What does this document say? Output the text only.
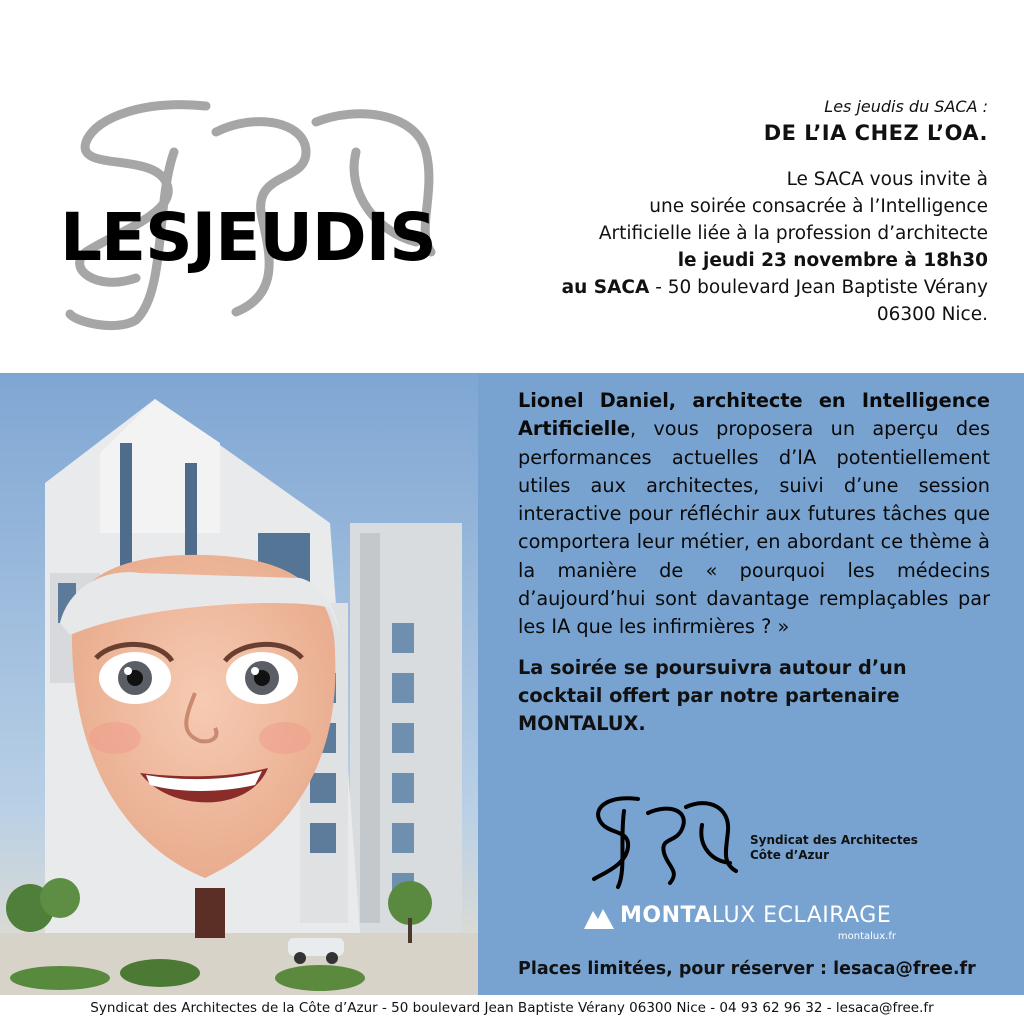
LESJEUDIS
Les jeudis du SACA :
DE L’IA CHEZ L’OA.
Le SACA vous invite à
une soirée consacrée à l’Intelligence
Artificielle liée à la profession d’architecte
le jeudi 23 novembre à 18h30
au SACA - 50 boulevard Jean Baptiste Vérany
06300 Nice.

Lionel Daniel, architecte en Intelligence Artificielle, vous proposera un aperçu des performances actuelles d’IA potentiellement utiles aux architectes, suivi d’une session interactive pour réfléchir aux futures tâches que comportera leur métier, en abordant ce thème à la manière de « pourquoi les médecins d’aujourd’hui sont davantage remplaçables par les IA que les infirmières ? »

La soirée se poursuivra autour d’un
cocktail offert par notre partenaire
MONTALUX.
Syndicat des Architectes
Côte d’Azur
MONTALUX ECLAIRAGE
montalux.fr
Places limitées, pour réserver : lesaca@free.fr
Syndicat des Architectes de la Côte d’Azur - 50 boulevard Jean Baptiste Vérany 06300 Nice - 04 93 62 96 32 - lesaca@free.fr
